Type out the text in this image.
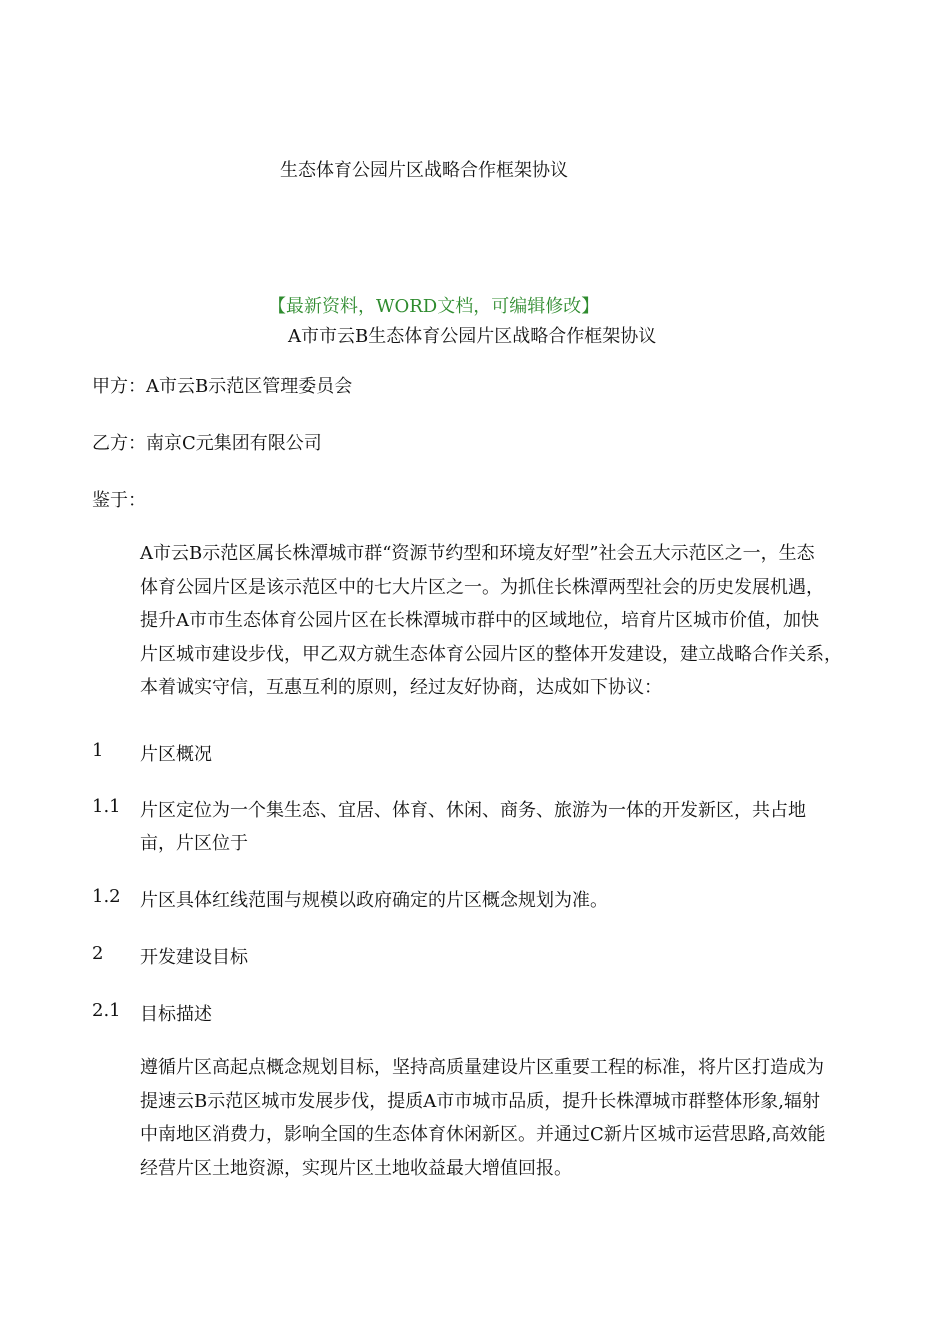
生态体育公园片区战略合作框架协议
【最新资料，WORD文档，可编辑修改】
A市市云B生态体育公园片区战略合作框架协议
甲方：A市云B示范区管理委员会
乙方：南京C元集团有限公司
鉴于：
A市云B示范区属长株潭城市群“资源节约型和环境友好型”社会五大示范区之一，生态
体育公园片区是该示范区中的七大片区之一。为抓住长株潭两型社会的历史发展机遇，
提升A市市生态体育公园片区在长株潭城市群中的区域地位，培育片区城市价值，加快
片区城市建设步伐，甲乙双方就生态体育公园片区的整体开发建设，建立战略合作关系，
本着诚实守信，互惠互利的原则，经过友好协商，达成如下协议：
1 片区概况
1.1 片区定位为一个集生态、宜居、体育、休闲、商务、旅游为一体的开发新区，共占地
亩，片区位于
1.2 片区具体红线范围与规模以政府确定的片区概念规划为准。
2 开发建设目标
2.1 目标描述
遵循片区高起点概念规划目标，坚持高质量建设片区重要工程的标准，将片区打造成为
提速云B示范区城市发展步伐，提质A市市城市品质，提升长株潭城市群整体形象,辐射
中南地区消费力，影响全国的生态体育休闲新区。并通过C新片区城市运营思路,高效能
经营片区土地资源，实现片区土地收益最大增值回报。
